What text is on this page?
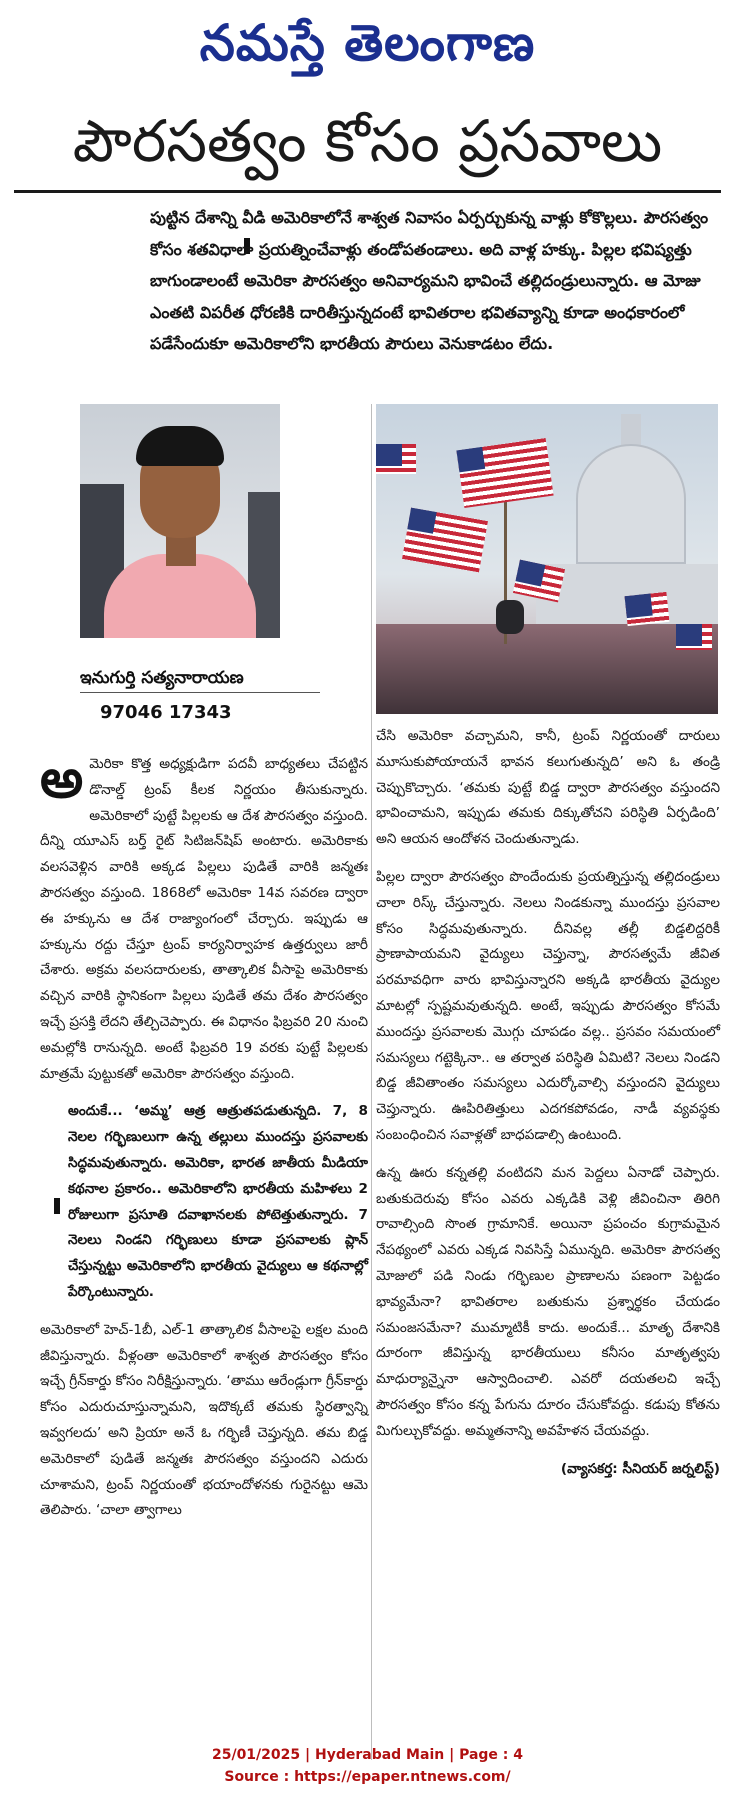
నమస్తే తెలంగాణ
పౌరసత్వం కోసం ప్రసవాలు

పుట్టిన దేశాన్ని వీడి అమెరికాలోనే శాశ్వత నివాసం ఏర్పర్చుకున్న వాళ్లు కోకొల్లలు. పౌరసత్వం కోసం శతవిధాలా ప్రయత్నించేవాళ్లు తండోపతండాలు. అది వాళ్ల హక్కు. పిల్లల భవిష్యత్తు బాగుండాలంటే అమెరికా పౌరసత్వం అనివార్యమని భావించే తల్లిదండ్రులున్నారు. ఆ మోజు ఎంతటి విపరీత ధోరణికి దారితీస్తున్నదంటే భావితరాల భవితవ్యాన్ని కూడా అంధకారంలో పడేసేందుకూ అమెరికాలోని భారతీయ పౌరులు వెనుకాడటం లేదు.

ఇనుగుర్తి సత్యనారాయణ
97046 17343

అమెరికా కొత్త అధ్యక్షుడిగా పదవీ బాధ్యతలు చేపట్టిన డొనాల్డ్ ట్రంప్ కీలక నిర్ణయం తీసుకున్నారు. అమెరికాలో పుట్టే పిల్లలకు ఆ దేశ పౌరసత్వం వస్తుంది. దీన్ని యూఎస్ బర్త్ రైట్ సిటిజన్‌షిప్ అంటారు. అమెరికాకు వలసవెళ్లిన వారికి అక్కడ పిల్లలు పుడితే వారికి జన్మతః పౌరసత్వం వస్తుంది. 1868లో అమెరికా 14వ సవరణ ద్వారా ఈ హక్కును ఆ దేశ రాజ్యాంగంలో చేర్చారు. ఇప్పుడు ఆ హక్కును రద్దు చేస్తూ ట్రంప్ కార్యనిర్వాహక ఉత్తర్వులు జారీ చేశారు. అక్రమ వలసదారులకు, తాత్కాలిక వీసాపై అమెరికాకు వచ్చిన వారికి స్థానికంగా పిల్లలు పుడితే తమ దేశం పౌరసత్వం ఇచ్చే ప్రసక్తి లేదని తేల్చిచెప్పారు. ఈ విధానం ఫిబ్రవరి 20 నుంచి అమల్లోకి రానున్నది. అంటే ఫిబ్రవరి 19 వరకు పుట్టే పిల్లలకు మాత్రమే పుట్టుకతో అమెరికా పౌరసత్వం వస్తుంది.

అందుకే... ‘అమ్మ’ ఆత్ర ఆత్రుతపడుతున్నది. 7, 8 నెలల గర్భిణులుగా ఉన్న తల్లులు ముందస్తు ప్రసవాలకు సిద్ధమవుతున్నారు. అమెరికా, భారత జాతీయ మీడియా కథనాల ప్రకారం.. అమెరికాలోని భారతీయ మహిళలు 2 రోజులుగా ప్రసూతి దవాఖానలకు పోటెత్తుతున్నారు. 7 నెలలు నిండని గర్భిణులు కూడా ప్రసవాలకు ప్లాన్ చేస్తున్నట్టు అమెరికాలోని భారతీయ వైద్యులు ఆ కథనాల్లో పేర్కొంటున్నారు.

అమెరికాలో హెచ్-1బీ, ఎల్-1 తాత్కాలిక వీసాలపై లక్షల మంది జీవిస్తున్నారు. వీళ్లంతా అమెరికాలో శాశ్వత పౌరసత్వం కోసం ఇచ్చే గ్రీన్‌కార్డు కోసం నిరీక్షిస్తున్నారు. ‘తాము ఆరేండ్లుగా గ్రీన్‌కార్డు కోసం ఎదురుచూస్తున్నామని, ఇదొక్కటే తమకు స్థిరత్వాన్ని ఇవ్వగలదు’ అని ప్రియా అనే ఓ గర్భిణీ చెప్తున్నది. తమ బిడ్డ అమెరికాలో పుడితే జన్మతః పౌరసత్వం వస్తుందని ఎదురు చూశామని, ట్రంప్ నిర్ణయంతో భయాందోళనకు గురైనట్టు ఆమె తెలిపారు. ‘చాలా త్వాగాలు

చేసి అమెరికా వచ్చామని, కానీ, ట్రంప్ నిర్ణయంతో దారులు మూసుకుపోయాయనే భావన కలుగుతున్నది’ అని ఓ తండ్రి చెప్పుకొచ్చారు. ‘తమకు పుట్టే బిడ్డ ద్వారా పౌరసత్వం వస్తుందని భావించామని, ఇప్పుడు తమకు దిక్కుతోచని పరిస్థితి ఏర్పడింది’ అని ఆయన ఆందోళన చెందుతున్నాడు.

పిల్లల ద్వారా పౌరసత్వం పొందేందుకు ప్రయత్నిస్తున్న తల్లిదండ్రులు చాలా రిస్క్ చేస్తున్నారు. నెలలు నిండకున్నా ముందస్తు ప్రసవాల కోసం సిద్ధమవుతున్నారు. దీనివల్ల తల్లీ బిడ్డలిద్దరికీ ప్రాణాపాయమని వైద్యులు చెప్తున్నా, పౌరసత్వమే జీవిత పరమావధిగా వారు భావిస్తున్నారని అక్కడి భారతీయ వైద్యుల మాటల్లో స్పష్టమవుతున్నది. అంటే, ఇప్పుడు పౌరసత్వం కోసమే ముందస్తు ప్రసవాలకు మొగ్గు చూపడం వల్ల.. ప్రసవం సమయంలో సమస్యలు గట్టెక్కినా.. ఆ తర్వాత పరిస్థితి ఏమిటి? నెలలు నిండని బిడ్డ జీవితాంతం సమస్యలు ఎదుర్కోవాల్సి వస్తుందని వైద్యులు చెప్తున్నారు. ఊపిరితిత్తులు ఎదగకపోవడం, నాడీ వ్యవస్థకు సంబంధించిన సవాళ్లతో బాధపడాల్సి ఉంటుంది.

ఉన్న ఊరు కన్నతల్లి వంటిదని మన పెద్దలు ఏనాడో చెప్పారు. బతుకుదెరువు కోసం ఎవరు ఎక్కడికి వెళ్లి జీవించినా తిరిగి రావాల్సింది సొంత గ్రామానికే. అయినా ప్రపంచం కుగ్రామమైన నేపథ్యంలో ఎవరు ఎక్కడ నివసిస్తే ఏమున్నది. అమెరికా పౌరసత్వ మోజులో పడి నిండు గర్భిణుల ప్రాణాలను పణంగా పెట్టడం భావ్యమేనా? భావితరాల బతుకును ప్రశ్నార్థకం చేయడం సమంజసమేనా? ముమ్మాటికీ కాదు. అందుకే... మాతృ దేశానికి దూరంగా జీవిస్తున్న భారతీయులు కనీసం మాతృత్వపు మాధుర్యాన్నైనా ఆస్వాదించాలి. ఎవరో దయతలచి ఇచ్చే పౌరసత్వం కోసం కన్న పేగును దూరం చేసుకోవద్దు. కడుపు కోతను మిగుల్చుకోవద్దు. అమ్మతనాన్ని అవహేళన చేయవద్దు.

(వ్యాసకర్త: సీనియర్ జర్నలిస్ట్)

25/01/2025 | Hyderabad Main | Page : 4
Source : https://epaper.ntnews.com/
